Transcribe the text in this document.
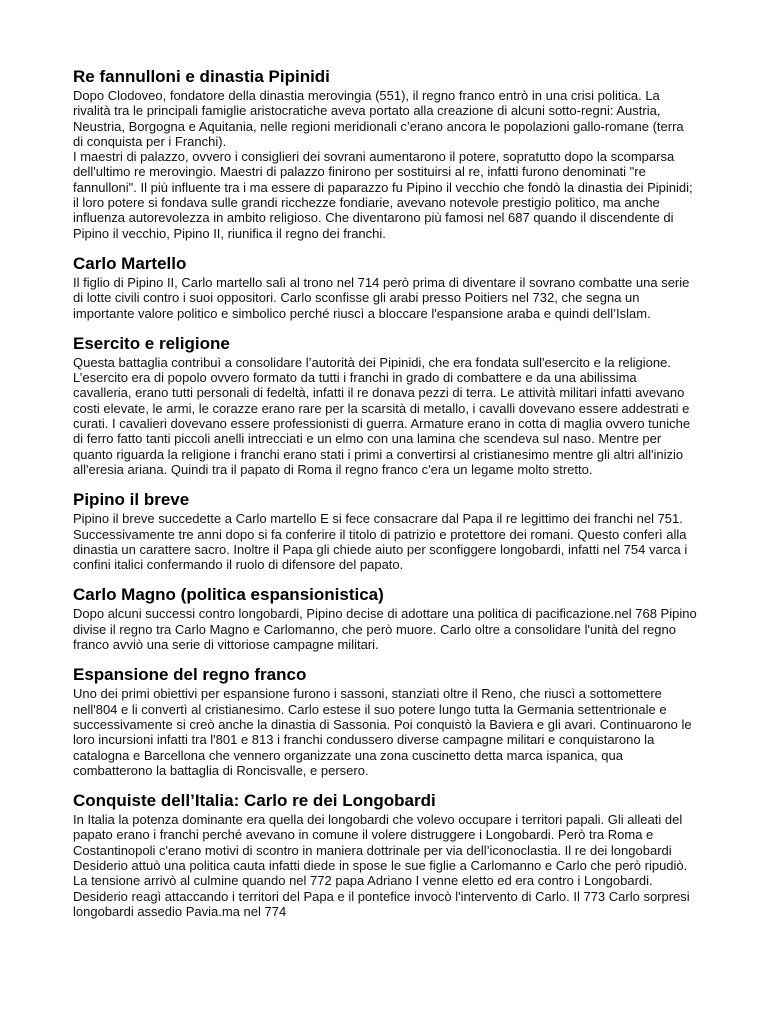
Re fannulloni e dinastia Pipinidi

Dopo Clodoveo, fondatore della dinastia merovingia (551), il regno franco entrò in una crisi politica. La rivalità tra le principali famiglie aristocratiche aveva portato alla creazione di alcuni sotto-regni: Austria, Neustria, Borgogna e Aquitania, nelle regioni meridionali c’erano ancora le popolazioni gallo-romane (terra di conquista per i Franchi).
I maestri di palazzo, ovvero i consiglieri dei sovrani aumentarono il potere, sopratutto dopo la scomparsa dell'ultimo re merovingio. Maestri di palazzo finirono per sostituirsi al re, infatti furono denominati "re fannulloni". Il più influente tra i ma essere di paparazzo fu Pipino il vecchio che fondò la dinastia dei Pipinidi; il loro potere si fondava sulle grandi ricchezze fondiarie, avevano notevole prestigio politico, ma anche influenza autorevolezza in ambito religioso. Che diventarono più famosi nel 687 quando il discendente di Pipino il vecchio, Pipino II, riunifica il regno dei franchi.

Carlo Martello

Il figlio di Pipino II, Carlo martello salì al trono nel 714 però prima di diventare il sovrano combatte una serie di lotte civili contro i suoi oppositori. Carlo sconfisse gli arabi presso Poitiers nel 732, che segna un importante valore politico e simbolico perché riuscì a bloccare l'espansione araba e quindi dell’Islam.

Esercito e religione

Questa battaglia contribuì a consolidare l’autorità dei Pipinidi, che era fondata sull'esercito e la religione. L’esercito era di popolo ovvero formato da tutti i franchi in grado di combattere e da una abilissima cavalleria, erano tutti personali di fedeltà, infatti il re donava pezzi di terra. Le attività militari infatti avevano costi elevate, le armi, le corazze erano rare per la scarsità di metallo, i cavalli dovevano essere addestrati e curati. I cavalieri dovevano essere professionisti di guerra. Armature erano in cotta di maglia ovvero tuniche di ferro fatto tanti piccoli anelli intrecciati e un elmo con una lamina che scendeva sul naso. Mentre per quanto riguarda la religione i franchi erano stati i primi a convertirsi al cristianesimo mentre gli altri all'inizio all'eresia ariana. Quindi tra il papato di Roma il regno franco c'era un legame molto stretto.

Pipino il breve

Pipino il breve succedette a Carlo martello E si fece consacrare dal Papa il re legittimo dei franchi nel 751. Successivamente tre anni dopo si fa conferire il titolo di patrizio e protettore dei romani. Questo conferì alla dinastia un carattere sacro. Inoltre il Papa gli chiede aiuto per sconfiggere longobardi, infatti nel 754 varca i confini italici confermando il ruolo di difensore del papato.

Carlo Magno (politica espansionistica)

Dopo alcuni successi contro longobardi, Pipino decise di adottare una politica di pacificazione.nel 768 Pipino divise il regno tra Carlo Magno e Carlomanno, che però muore. Carlo oltre a consolidare l'unità del regno franco avviò una serie di vittoriose campagne militari.

Espansione del regno franco

Uno dei primi obiettivi per espansione furono i sassoni, stanziati oltre il Reno, che riuscì a sottomettere nell'804 e li convertì al cristianesimo. Carlo estese il suo potere lungo tutta la Germania settentrionale e successivamente si creò anche la dinastia di Sassonia. Poi conquistò la Baviera e gli avari. Continuarono le loro incursioni infatti tra l'801 e 813 i franchi condussero diverse campagne militari e conquistarono la catalogna e Barcellona che vennero organizzate una zona cuscinetto detta marca ispanica, qua combatterono la battaglia di Roncisvalle, e persero.

Conquiste dell’Italia: Carlo re dei Longobardi

In Italia la potenza dominante era quella dei longobardi che volevo occupare i territori papali. Gli alleati del papato erano i franchi perché avevano in comune il volere distruggere i Longobardi. Però tra Roma e Costantinopoli c'erano motivi di scontro in maniera dottrinale per via dell’iconoclastia. Il re dei longobardi Desiderio attuò una politica cauta infatti diede in spose le sue figlie a Carlomanno e Carlo che però ripudiò. La tensione arrivò al culmine quando nel 772 papa Adriano I venne eletto ed era contro i Longobardi. Desiderio reagì attaccando i territori del Papa e il pontefice invocò l'intervento di Carlo. Il 773 Carlo sorpresi longobardi assedio Pavia.ma nel 774
